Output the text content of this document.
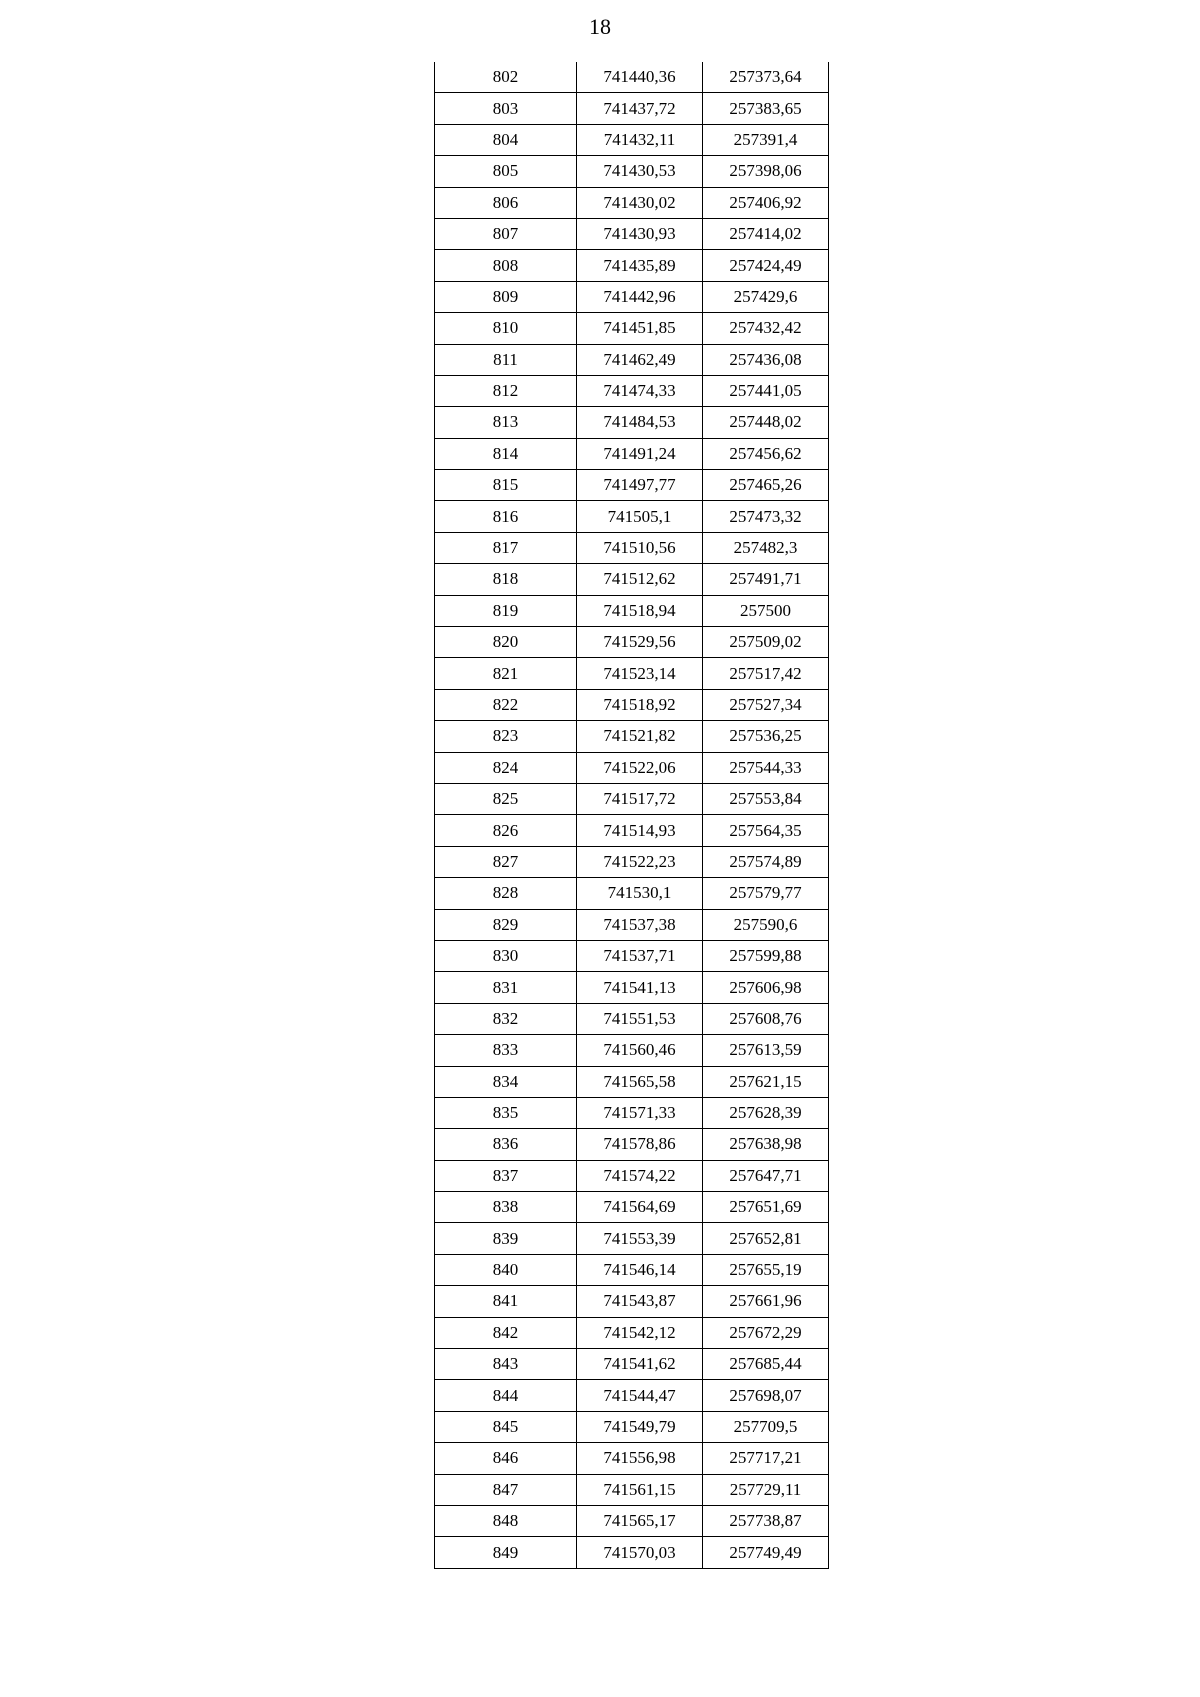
18
802	741440,36	257373,64
803	741437,72	257383,65
804	741432,11	257391,4
805	741430,53	257398,06
806	741430,02	257406,92
807	741430,93	257414,02
808	741435,89	257424,49
809	741442,96	257429,6
810	741451,85	257432,42
811	741462,49	257436,08
812	741474,33	257441,05
813	741484,53	257448,02
814	741491,24	257456,62
815	741497,77	257465,26
816	741505,1	257473,32
817	741510,56	257482,3
818	741512,62	257491,71
819	741518,94	257500
820	741529,56	257509,02
821	741523,14	257517,42
822	741518,92	257527,34
823	741521,82	257536,25
824	741522,06	257544,33
825	741517,72	257553,84
826	741514,93	257564,35
827	741522,23	257574,89
828	741530,1	257579,77
829	741537,38	257590,6
830	741537,71	257599,88
831	741541,13	257606,98
832	741551,53	257608,76
833	741560,46	257613,59
834	741565,58	257621,15
835	741571,33	257628,39
836	741578,86	257638,98
837	741574,22	257647,71
838	741564,69	257651,69
839	741553,39	257652,81
840	741546,14	257655,19
841	741543,87	257661,96
842	741542,12	257672,29
843	741541,62	257685,44
844	741544,47	257698,07
845	741549,79	257709,5
846	741556,98	257717,21
847	741561,15	257729,11
848	741565,17	257738,87
849	741570,03	257749,49
